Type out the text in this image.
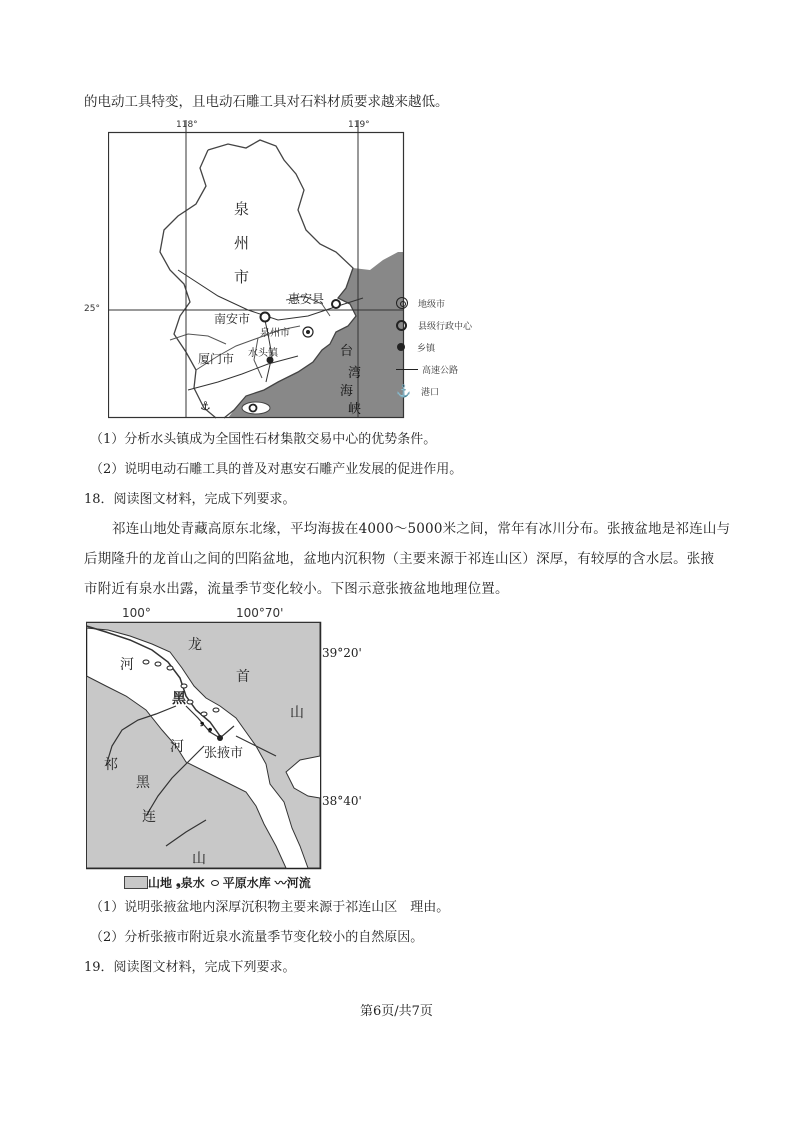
的电动工具特变，且电动石雕工具对石料材质要求越来越低。
⚓
118°	119°
泉
州
市
惠安县
南安市
泉州市
水头镇
厦门市	台
湾
海
峡
25°	地级市
县级行政中心
乡镇
高速公路
⚓ 港口
（1）分析水头镇成为全国性石材集散交易中心的优势条件。
（2）说明电动石雕工具的普及对惠安石雕产业发展的促进作用。
18．阅读图文材料，完成下列要求。
祁连山地处青藏高原东北缘，平均海拔在4000～5000米之间，常年有冰川分布。张掖盆地是祁连山与
后期隆升的龙首山之间的凹陷盆地，盆地内沉积物（主要来源于祁连山区）深厚，有较厚的含水层。张掖
市附近有泉水出露，流量季节变化较小。下图示意张掖盆地地理位置。
❟ ❟
100°	100°70'
39°20'
38°40'
龙
首
山
河
黑
河 张掖市
祁
黑
连
山
山地 ❟ 泉水 平原水库 〰 河流
（1）说明张掖盆地内深厚沉积物主要来源于祁连山区　理由。
（2）分析张掖市附近泉水流量季节变化较小的自然原因。
19．阅读图文材料，完成下列要求。
第6页/共7页
